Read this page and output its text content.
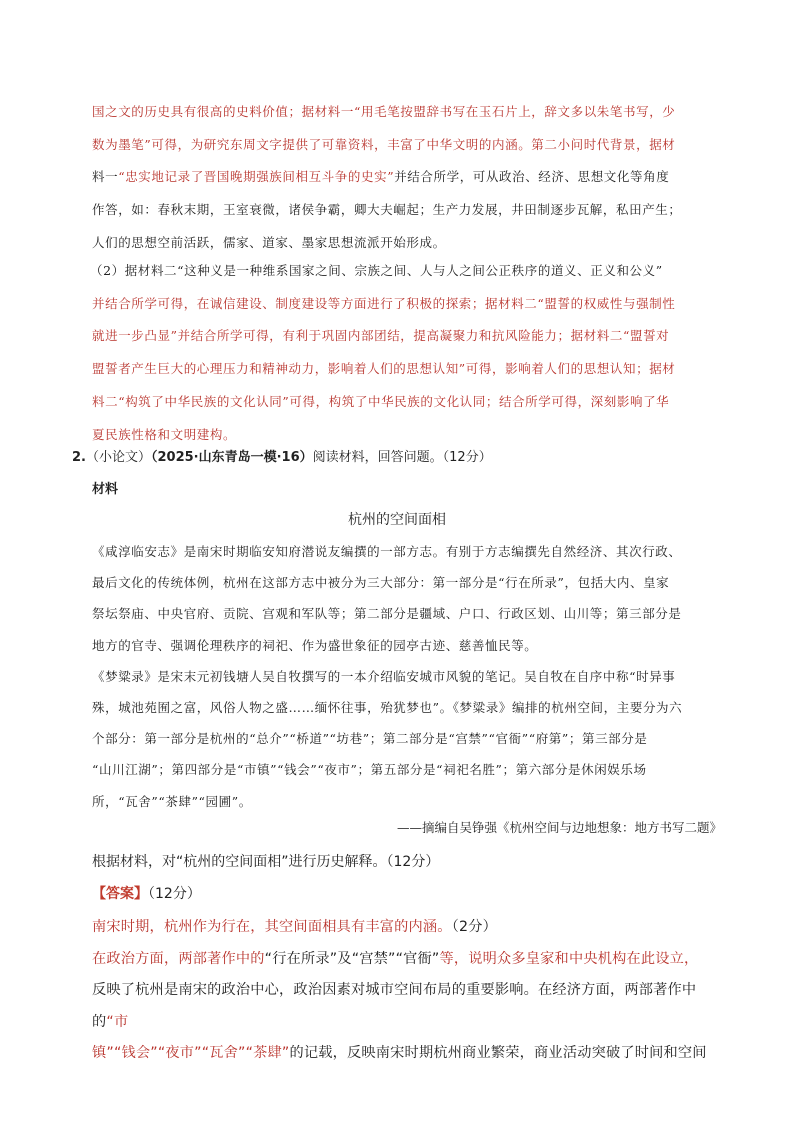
国之文的历史具有很高的史料价值；据材料一“用毛笔按盟辞书写在玉石片上，辞文多以朱笔书写，少

数为墨笔”可得，为研究东周文字提供了可靠资料，丰富了中华文明的内涵。第二小问时代背景，据材

料一“忠实地记录了晋国晚期强族间相互斗争的史实”并结合所学，可从政治、经济、思想文化等角度

作答，如：春秋末期，王室衰微，诸侯争霸，卿大夫崛起；生产力发展，井田制逐步瓦解，私田产生；

人们的思想空前活跃，儒家、道家、墨家思想流派开始形成。

（2）据材料二“这种义是一种维系国家之间、宗族之间、人与人之间公正秩序的道义、正义和公义”

并结合所学可得，在诚信建设、制度建设等方面进行了积极的探索；据材料二“盟誓的权威性与强制性

就进一步凸显”并结合所学可得，有利于巩固内部团结，提高凝聚力和抗风险能力；据材料二“盟誓对

盟誓者产生巨大的心理压力和精神动力，影响着人们的思想认知”可得，影响着人们的思想认知；据材

料二“构筑了中华民族的文化认同”可得，构筑了中华民族的文化认同；结合所学可得，深刻影响了华

夏民族性格和文明建构。

2.（小论文）（2025·山东青岛一模·16）阅读材料，回答问题。（12分）
材料
杭州的空间面相

《咸淳临安志》是南宋时期临安知府潜说友编撰的一部方志。有别于方志编撰先自然经济、其次行政、

最后文化的传统体例，杭州在这部方志中被分为三大部分：第一部分是“行在所录”，包括大内、皇家

祭坛祭庙、中央官府、贡院、宫观和军队等；第二部分是疆域、户口、行政区划、山川等；第三部分是

地方的官寺、强调伦理秩序的祠祀、作为盛世象征的园亭古迹、慈善恤民等。

《梦粱录》是宋末元初钱塘人吴自牧撰写的一本介绍临安城市风貌的笔记。吴自牧在自序中称“时异事

殊，城池苑囿之富，风俗人物之盛……缅怀往事，殆犹梦也”。《梦粱录》编排的杭州空间，主要分为六

个部分：第一部分是杭州的“总介”“桥道”“坊巷”；第二部分是“宫禁”“官衙”“府第”；第三部分是

“山川江湖”；第四部分是“市镇”“钱会”“夜市”；第五部分是“祠祀名胜”；第六部分是休闲娱乐场

所，“瓦舍”“茶肆”“园圃”。

——摘编自吴铮强《杭州空间与边地想象：地方书写二题》
根据材料，对“杭州的空间面相”进行历史解释。（12分）
【答案】（12分）

南宋时期，杭州作为行在，其空间面相具有丰富的内涵。（2分）

在政治方面，两部著作中的“行在所录”及“宫禁”“官衙”等，说明众多皇家和中央机构在此设立，

反映了杭州是南宋的政治中心，政治因素对城市空间布局的重要影响。在经济方面，两部著作中的“市

镇”“钱会”“夜市”“瓦舍”“茶肆”的记载，反映南宋时期杭州商业繁荣，商业活动突破了时间和空间
